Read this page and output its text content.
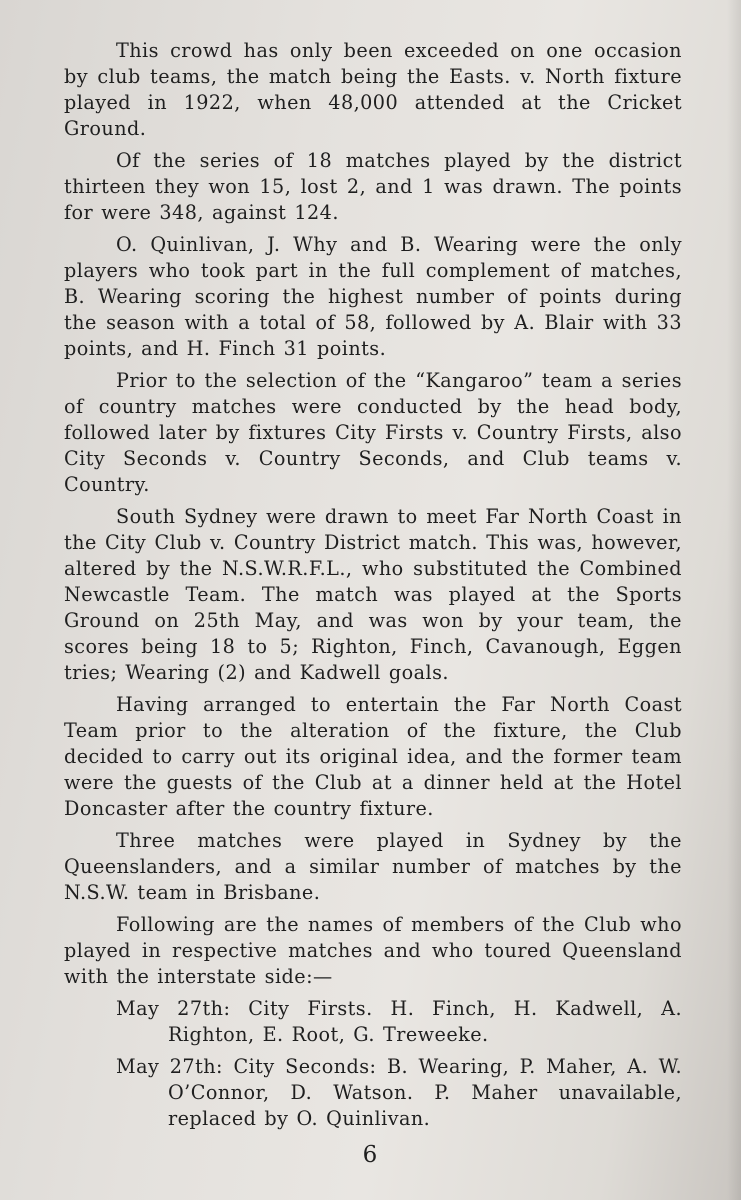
This crowd has only been exceeded on one occasion by club teams, the match being the Easts. v. North fixture played in 1922, when 48,000 attended at the Cricket Ground.

Of the series of 18 matches played by the district thirteen they won 15, lost 2, and 1 was drawn. The points for were 348, against 124.

O. Quinlivan, J. Why and B. Wearing were the only players who took part in the full complement of matches, B. Wearing scoring the highest number of points during the season with a total of 58, followed by A. Blair with 33 points, and H. Finch 31 points.

Prior to the selection of the “Kangaroo” team a series of country matches were conducted by the head body, followed later by fixtures City Firsts v. Country Firsts, also City Seconds v. Country Seconds, and Club teams v. Country.

South Sydney were drawn to meet Far North Coast in the City Club v. Country District match. This was, however, altered by the N.S.W.R.F.L., who substituted the Combined Newcastle Team. The match was played at the Sports Ground on 25th May, and was won by your team, the scores being 18 to 5; Righton, Finch, Cavanough, Eggen tries; Wearing (2) and Kadwell goals.

Having arranged to entertain the Far North Coast Team prior to the alteration of the fixture, the Club decided to carry out its original idea, and the former team were the guests of the Club at a dinner held at the Hotel Doncaster after the country fixture.

Three matches were played in Sydney by the Queenslanders, and a similar number of matches by the N.S.W. team in Brisbane.

Following are the names of members of the Club who played in respective matches and who toured Queensland with the interstate side:—

May 27th: City Firsts. H. Finch, H. Kadwell, A. Righton, E. Root, G. Treweeke.

May 27th: City Seconds: B. Wearing, P. Maher, A. W. O’Connor, D. Watson. P. Maher unavailable, replaced by O. Quinlivan.

6
